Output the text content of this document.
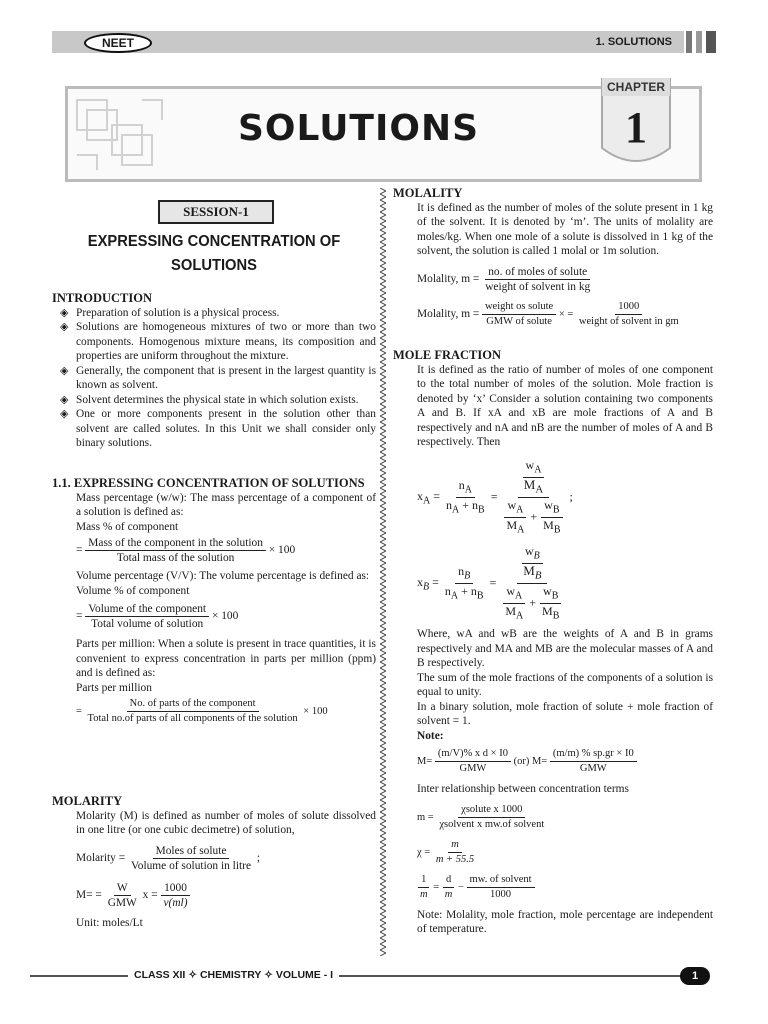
NEET	1. SOLUTIONS
SOLUTIONS
CHAPTER
1
SESSION-1
EXPRESSING CONCENTRATION OF SOLUTIONS
INTRODUCTION
◈ Preparation of solution is a physical process.
◈ Solutions are homogeneous mixtures of two or more than two components. Homogenous mixture means, its composition and properties are uniform throughout the mixture.
◈ Generally, the component that is present in the largest quantity is known as solvent.
◈ Solvent determines the physical state in which solution exists.
◈ One or more components present in the solution other than solvent are called solutes. In this Unit we shall consider only binary solutions.
1.1. EXPRESSING CONCENTRATION OF SOLUTIONS

Mass percentage (w/w): The mass percentage of a component of a solution is defined as:

Mass % of component

= $\frac{\text{Mass of the component in the solution}}{\text{Total mass of the solution}} \times 100$

Volume percentage (V/V): The volume percentage is defined as:

Volume % of component

= $\frac{\text{Volume of the component}}{\text{Total volume of solution}} \times 100$

Parts per million: When a solute is present in trace quantities, it is convenient to express concentration in parts per million (ppm) and is defined as:

Parts per million

= $\frac{\text{No. of parts of the component}}{\text{Total no.of parts of all components of the solution}} \times 100$
MOLARITY

Molarity (M) is defined as number of moles of solute dissolved in one litre (or one cubic decimetre) of solution,

Molarity = $\frac{\text{Moles of solute}}{\text{Volume of solution in litre}}$ ;
$M= = \frac{W}{\text{GMW}}$ $x = \frac{1000}{v(ml)}$

Unit: moles/Lt

MOLALITY

It is defined as the number of moles of the solute present in 1 kg of the solvent. It is denoted by ‘m’. The units of molality are moles/kg. When one mole of a solute is dissolved in 1 kg of the solvent, the solution is called 1 molal or 1m solution.

Molality, $m = \frac{\text{no. of moles of solute}}{\text{weight of solvent in kg}}$
Molality, $m = \frac{\text{weight os solute}}{\text{GMW of solute}}$ × = $\frac{1000}{\text{weight of solvent in gm}}$
MOLE FRACTION

It is defined as the ratio of number of moles of one component to the total number of moles of the solution. Mole fraction is denoted by ‘x’ Consider a solution containing two components A and B. If xA and xB are mole fractions of A and B respectively and nA and nB are the number of moles of A and B respectively. Then

$x_A = \frac{n_A}{n_A + n_B} = \frac{\frac{w_A}{M_A}}{\frac{w_A}{M_A} + \frac{w_B}{M_B}}$ ;
$x_B = \frac{n_B}{n_A + n_B} = \frac{\frac{w_B}{M_B}}{\frac{w_A}{M_A} + \frac{w_B}{M_B}}$

Where, wA and wB are the weights of A and B in grams respectively and MA and MB are the molecular masses of A and B respectively.

The sum of the mole fractions of the components of a solution is equal to unity.

In a binary solution, mole fraction of solute + mole fraction of solvent = 1.

Note:

$M= \frac{\text{(m/V)\% x d × I0}}{\text{GMW}} (or)$ $M= \frac{(m/m) \% sp.gr \times I0}{\text{GMW}}$

Inter relationship between concentration terms

$m = \frac{\text{χsolute x 1000}}{\text{χsolvent x mw.of solvent}}$
$\chi = \frac{m}{m + 55.5}$
$\frac{1}{m} = \frac{d}{m} - \frac{\text{mw. of solvent}}{1000}$

Note: Molality, mole fraction, mole percentage are independent of temperature.

CLASS XII ✧ CHEMISTRY ✧ VOLUME - I	1
